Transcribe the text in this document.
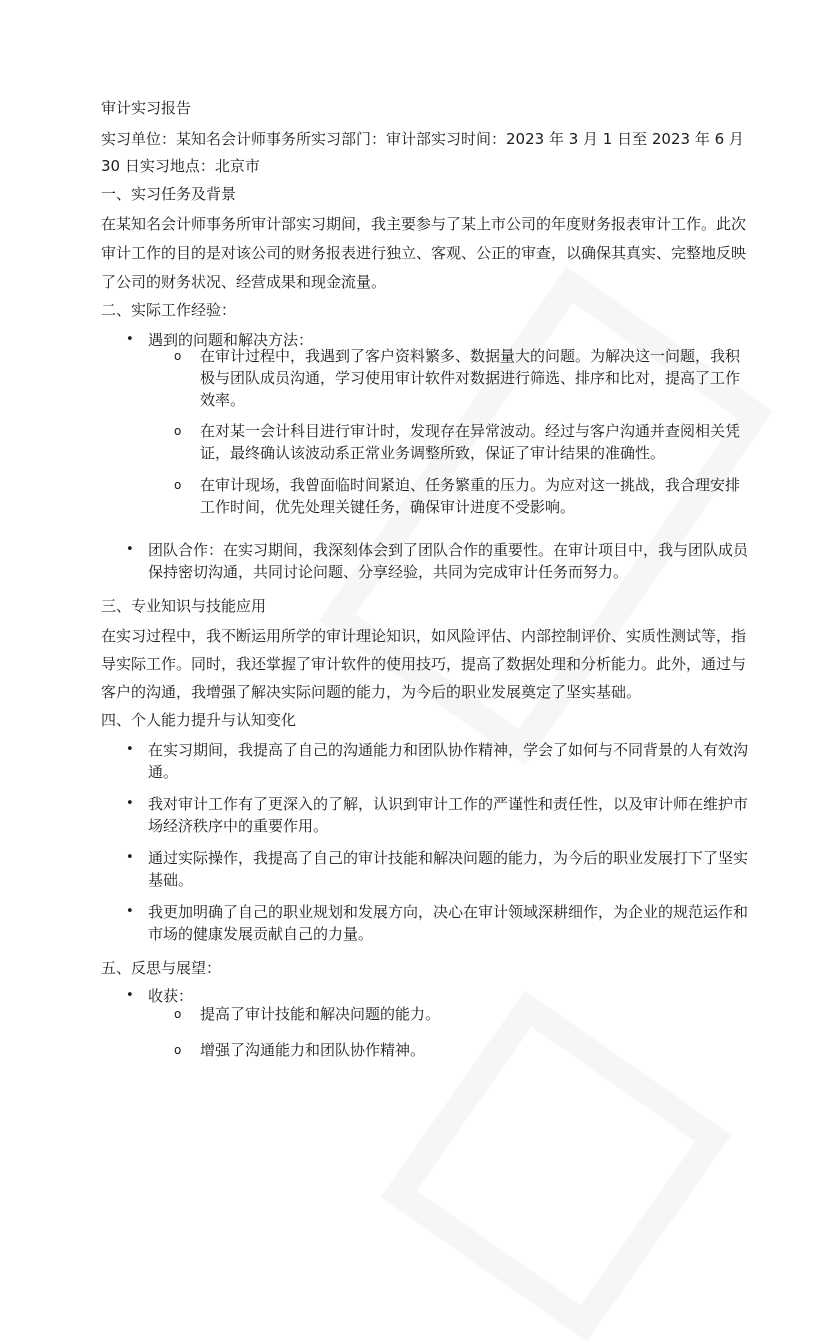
审计实习报告

实习单位：某知名会计师事务所实习部门：审计部实习时间：2023 年 3 月 1 日至 2023 年 6 月 30 日实习地点：北京市

一、实习任务及背景

在某知名会计师事务所审计部实习期间，我主要参与了某上市公司的年度财务报表审计工作。此次审计工作的目的是对该公司的财务报表进行独立、客观、公正的审查，以确保其真实、完整地反映了公司的财务状况、经营成果和现金流量。

二、实际工作经验：

• 遇到的问题和解决方法：
o 在审计过程中，我遇到了客户资料繁多、数据量大的问题。为解决这一问题，我积极与团队成员沟通，学习使用审计软件对数据进行筛选、排序和比对，提高了工作效率。
o 在对某一会计科目进行审计时，发现存在异常波动。经过与客户沟通并查阅相关凭证，最终确认该波动系正常业务调整所致，保证了审计结果的准确性。
o 在审计现场，我曾面临时间紧迫、任务繁重的压力。为应对这一挑战，我合理安排工作时间，优先处理关键任务，确保审计进度不受影响。
• 团队合作：在实习期间，我深刻体会到了团队合作的重要性。在审计项目中，我与团队成员保持密切沟通，共同讨论问题、分享经验，共同为完成审计任务而努力。

三、专业知识与技能应用

在实习过程中，我不断运用所学的审计理论知识，如风险评估、内部控制评价、实质性测试等，指导实际工作。同时，我还掌握了审计软件的使用技巧，提高了数据处理和分析能力。此外，通过与客户的沟通，我增强了解决实际问题的能力，为今后的职业发展奠定了坚实基础。

四、个人能力提升与认知变化

• 在实习期间，我提高了自己的沟通能力和团队协作精神，学会了如何与不同背景的人有效沟通。
• 我对审计工作有了更深入的了解，认识到审计工作的严谨性和责任性，以及审计师在维护市场经济秩序中的重要作用。
• 通过实际操作，我提高了自己的审计技能和解决问题的能力，为今后的职业发展打下了坚实基础。
• 我更加明确了自己的职业规划和发展方向，决心在审计领域深耕细作，为企业的规范运作和市场的健康发展贡献自己的力量。

五、反思与展望：

• 收获：
o 提高了审计技能和解决问题的能力。
o 增强了沟通能力和团队协作精神。
